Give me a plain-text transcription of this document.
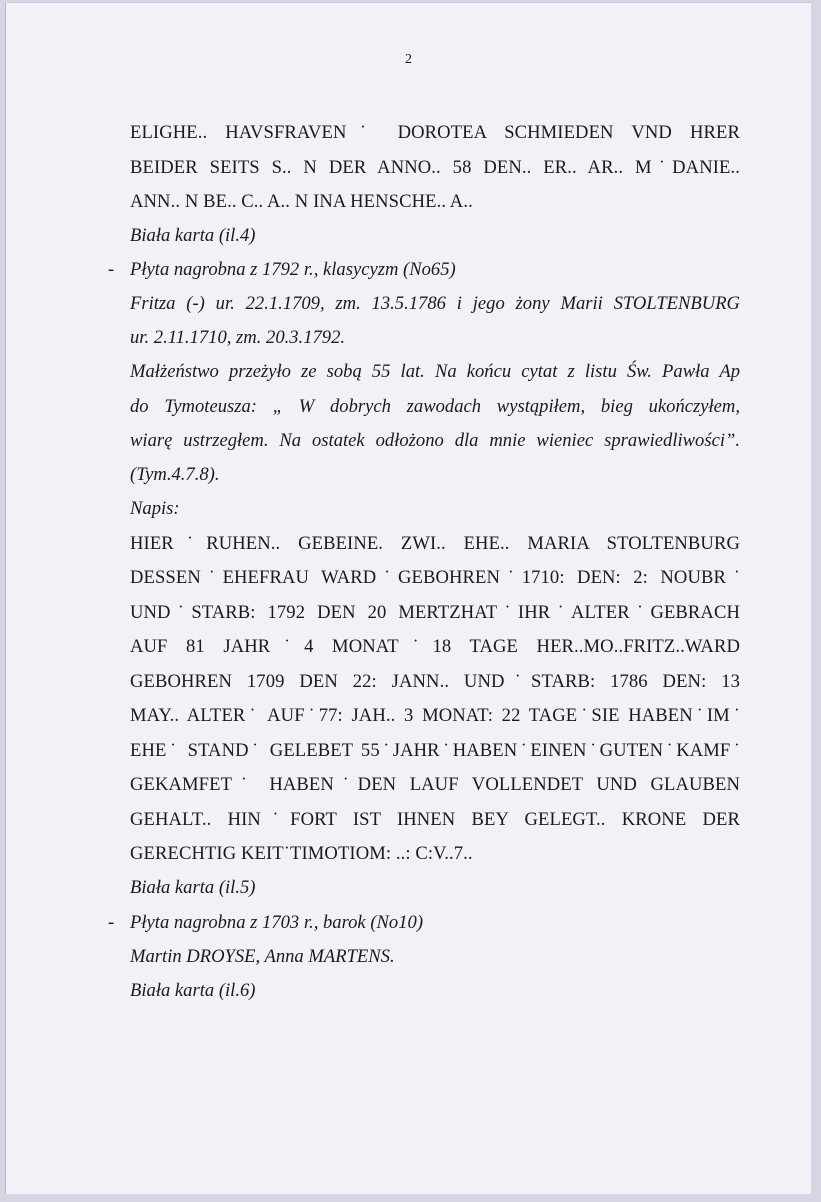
2
ELIGHE.. HAVSFRAVEN˙ DOROTEA SCHMIEDEN VND HRER
BEIDER SEITS S.. N DER ANNO.. 58 DEN.. ER.. AR.. M˙DANIE..
ANN.. N BE.. C.. A.. N INA HENSCHE.. A..
Biała karta (il.4)
- Płyta nagrobna z 1792 r., klasycyzm (No65)
Fritza (-) ur. 22.1.1709, zm. 13.5.1786 i jego żony Marii STOLTENBURG
ur. 2.11.1710, zm. 20.3.1792.
Małżeństwo przeżyło ze sobą 55 lat. Na końcu cytat z listu Św. Pawła Ap
do Tymoteusza: „ W dobrych zawodach wystąpiłem, bieg ukończyłem,
wiarę ustrzegłem. Na ostatek odłożono dla mnie wieniec sprawiedliwości”.
(Tym.4.7.8).
Napis:
HIER˙RUHEN.. GEBEINE. ZWI.. EHE.. MARIA STOLTENBURG
DESSEN˙EHEFRAU WARD˙GEBOHREN˙1710: DEN: 2: NOUBR˙
UND˙STARB: 1792 DEN 20 MERTZHAT˙IHR˙ALTER˙GEBRACH
AUF 81 JAHR˙4 MONAT˙18 TAGE HER..MO..FRITZ..WARD
GEBOHREN 1709 DEN 22: JANN.. UND˙STARB: 1786 DEN: 13
MAY.. ALTER˙ AUF˙77: JAH.. 3 MONAT: 22 TAGE˙SIE HABEN˙IM˙
EHE˙ STAND˙ GELEBET 55˙JAHR˙HABEN˙EINEN˙GUTEN˙KAMF˙
GEKAMFET˙ HABEN˙DEN LAUF VOLLENDET UND GLAUBEN
GEHALT.. HIN˙FORT IST IHNEN BEY GELEGT.. KRONE DER
GERECHTIG KEIT˙TIMOTIOM: ..: C:V..7..
Biała karta (il.5)
- Płyta nagrobna z 1703 r., barok (No10)
Martin DROYSE, Anna MARTENS.
Biała karta (il.6)
